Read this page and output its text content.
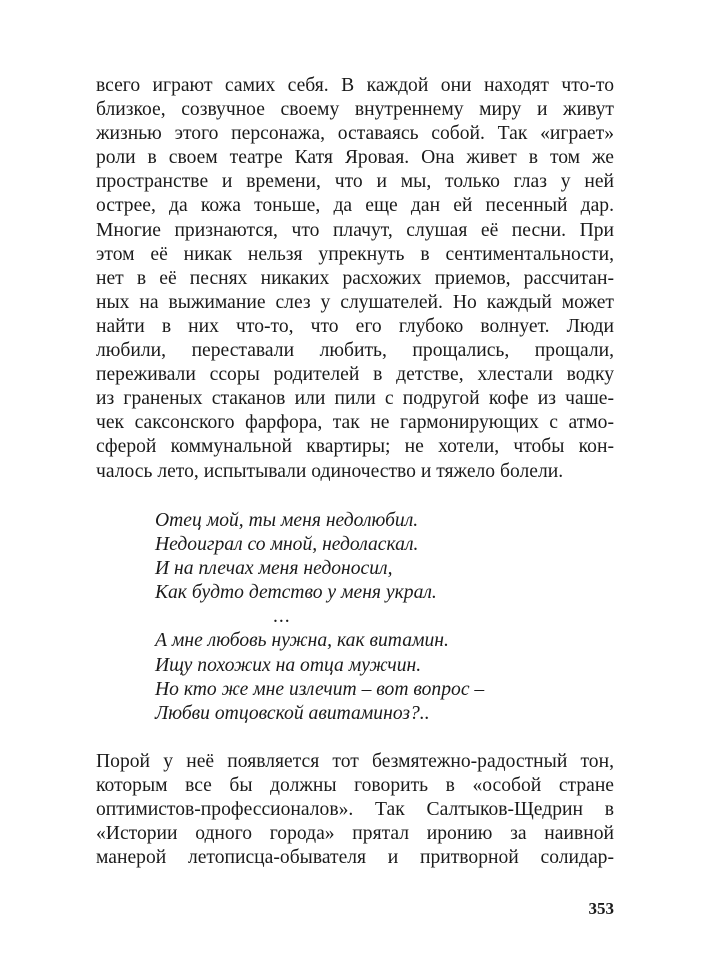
всего играют самих себя. В каждой они находят что-то
близкое, созвучное своему внутреннему миру и живут
жизнью этого персонажа, оставаясь собой. Так «играет»
роли в своем театре Катя Яровая. Она живет в том же
пространстве и времени, что и мы, только глаз у ней
острее, да кожа тоньше, да еще дан ей песенный дар.
Многие признаются, что плачут, слушая её песни. При
этом её никак нельзя упрекнуть в сентиментальности,
нет в её песнях никаких расхожих приемов, рассчитан-
ных на выжимание слез у слушателей. Но каждый может
найти в них что-то, что его глубоко волнует. Люди
любили, переставали любить, прощались, прощали,
переживали ссоры родителей в детстве, хлестали водку
из граненых стаканов или пили с подругой кофе из чаше-
чек саксонского фарфора, так не гармонирующих с атмо-
сферой коммунальной квартиры; не хотели, чтобы кон-
чалось лето, испытывали одиночество и тяжело болели.
Отец мой, ты меня недолюбил.
Недоиграл со мной, недоласкал.
И на плечах меня недоносил,
Как будто детство у меня украл.
...
А мне любовь нужна, как витамин.
Ищу похожих на отца мужчин.
Но кто же мне излечит – вот вопрос –
Любви отцовской авитаминоз?..
Порой у неё появляется тот безмятежно-радостный тон,
которым все бы должны говорить в «особой стране
оптимистов-профессионалов». Так Салтыков-Щедрин в
«Истории одного города» прятал иронию за наивной
манерой летописца-обывателя и притворной солидар-
353
